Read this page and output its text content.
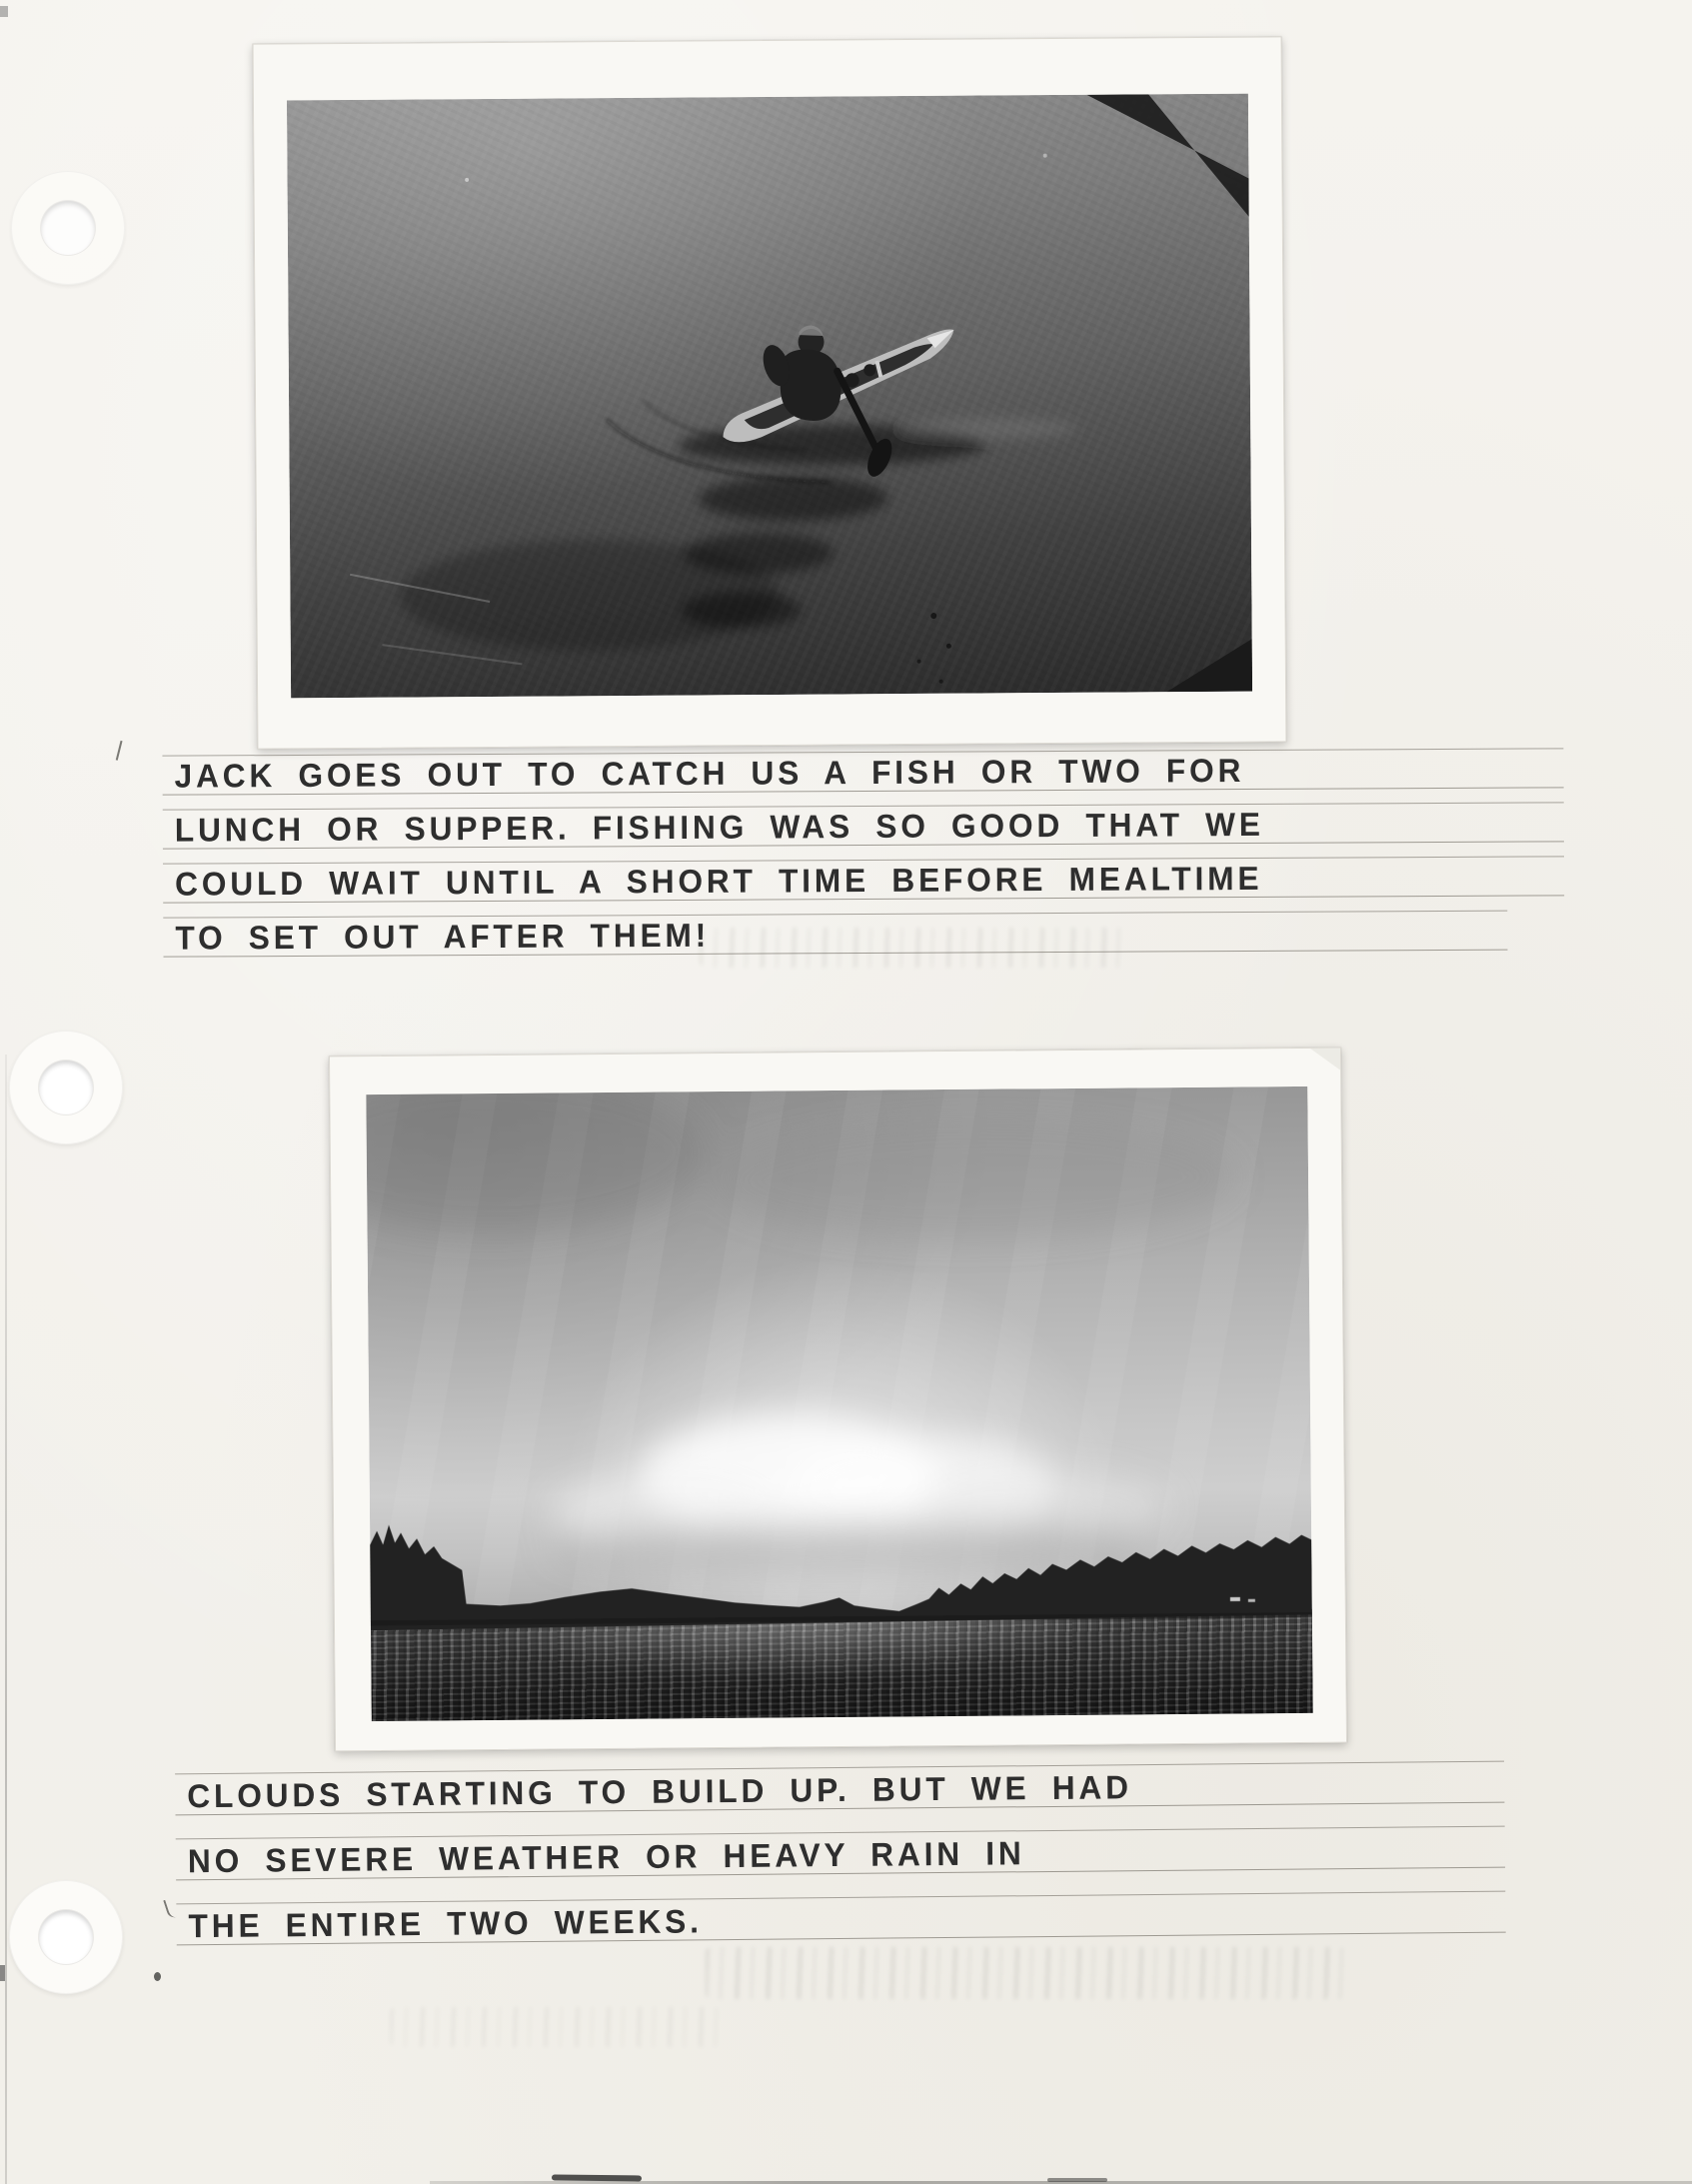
JACK GOES OUT TO CATCH US A FISH OR TWO FOR
LUNCH OR SUPPER. FISHING WAS SO GOOD THAT WE
COULD WAIT UNTIL A SHORT TIME BEFORE MEALTIME
TO SET OUT AFTER THEM!
CLOUDS STARTING TO BUILD UP. BUT WE HAD
NO SEVERE WEATHER OR HEAVY RAIN IN
THE ENTIRE TWO WEEKS.
